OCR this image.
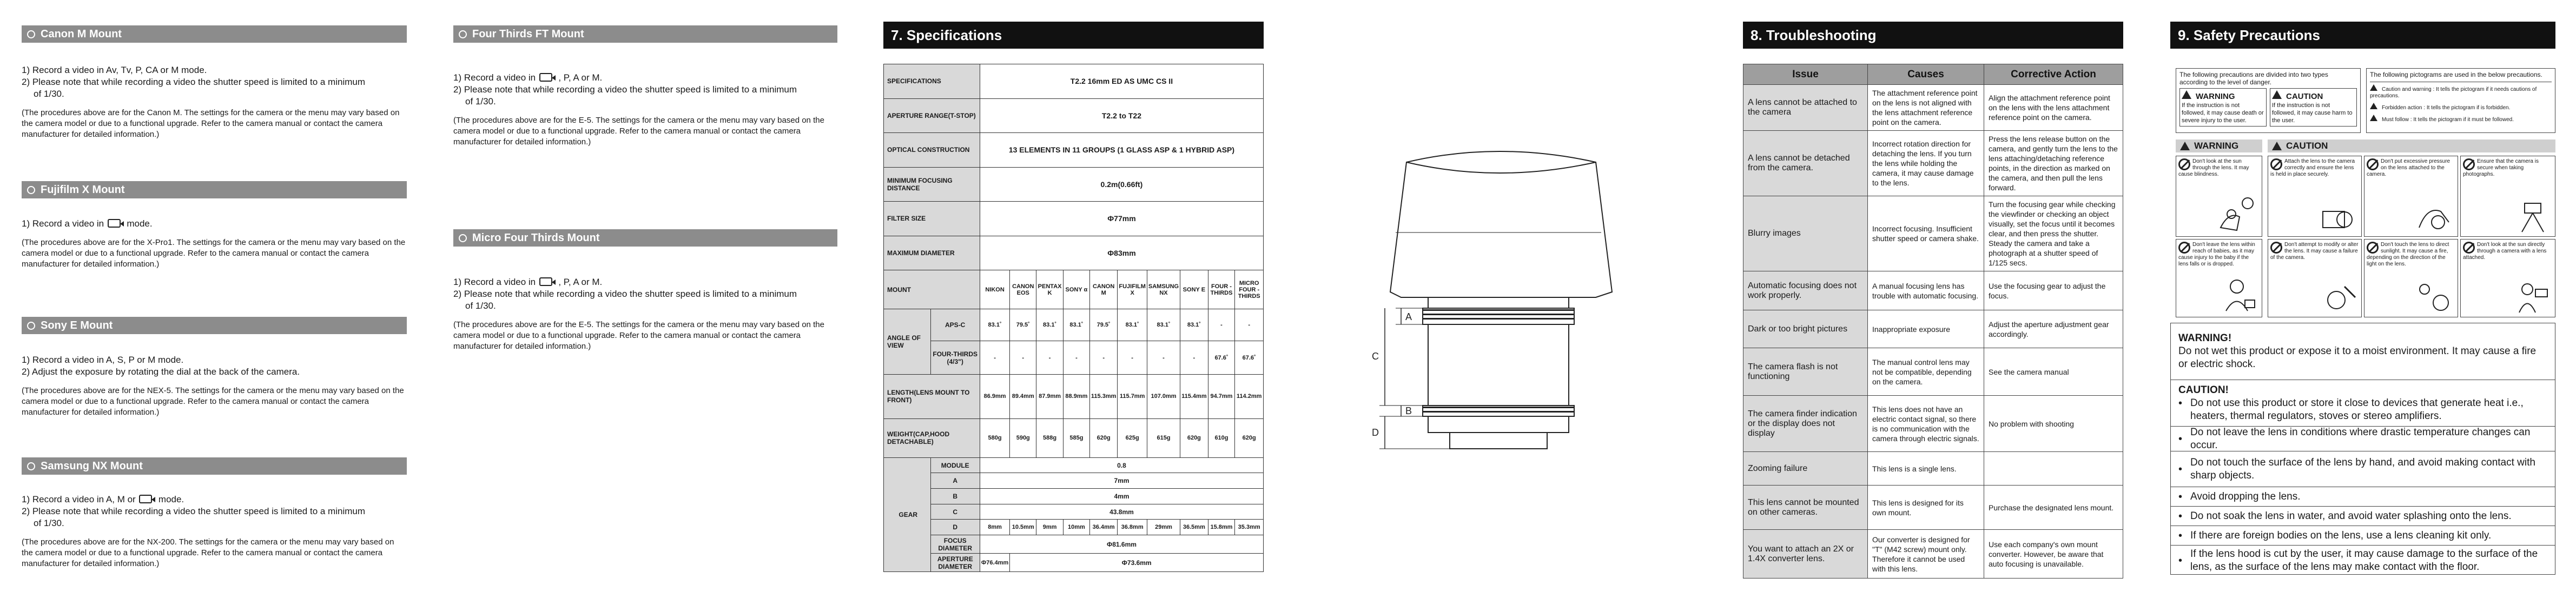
Canon M Mount

1) Record a video in Av, Tv, P, CA or M mode.

2) Please note that while recording a video the shutter speed is limited to a minimum

of 1/30.

(The procedures above are for the Canon M. The settings for the camera or the menu may vary based on the camera model or due to a functional upgrade. Refer to the camera manual or contact the camera manufacturer for detailed information.)

Fujifilm X Mount

1) Record a video in mode.

(The procedures above are for the X-Pro1. The settings for the camera or the menu may vary based on the camera model or due to a functional upgrade. Refer to the camera manual or contact the camera manufacturer for detailed information.)

Sony E Mount

1) Record a video in A, S, P or M mode.

2) Adjust the exposure by rotating the dial at the back of the camera.

(The procedures above are for the NEX-5. The settings for the camera or the menu may vary based on the camera model or due to a functional upgrade. Refer to the camera manual or contact the camera manufacturer for detailed information.)

Samsung NX Mount

1) Record a video in A, M or mode.

2) Please note that while recording a video the shutter speed is limited to a minimum

of 1/30.

(The procedures above are for the NX-200. The settings for the camera or the menu may vary based on the camera model or due to a functional upgrade. Refer to the camera manual or contact the camera manufacturer for detailed information.)

Four Thirds FT Mount

1) Record a video in , P, A or M.

2) Please note that while recording a video the shutter speed is limited to a minimum

of 1/30.

(The procedures above are for the E-5. The settings for the camera or the menu may vary based on the camera model or due to a functional upgrade. Refer to the camera manual or contact the camera manufacturer for detailed information.)

Micro Four Thirds Mount

1) Record a video in , P, A or M.

2) Please note that while recording a video the shutter speed is limited to a minimum

of 1/30.

(The procedures above are for the E-5. The settings for the camera or the menu may vary based on the camera model or due to a functional upgrade. Refer to the camera manual or contact the camera manufacturer for detailed information.)

7. Specifications
SPECIFICATIONS		T2.2 16mm ED AS UMC CS II									
APERTURE RANGE(T-STOP)		T2.2 to T22									
OPTICAL CONSTRUCTION		13 ELEMENTS IN 11 GROUPS (1 GLASS ASP & 1 HYBRID ASP)									
MINIMUM FOCUSING DISTANCE		0.2m(0.66ft)									
FILTER SIZE		Ф77mm									
MAXIMUM DIAMETER		Ф83mm									
MOUNT		NIKON	CANON EOS	PENTAX K	SONY α	CANON M	FUJIFILM X	SAMSUNG NX	SONY E	FOUR -THIRDS	MICRO FOUR -THIRDS
ANGLE OF VIEW	APS-C	83.1˚	79.5˚	83.1˚	83.1˚	79.5˚	83.1˚	83.1˚	83.1˚	-	-
	FOUR-THIRDS (4/3")	-	-	-	-	-	-	-	-	67.6˚	67.6˚
LENGTH(LENS MOUNT TO FRONT)		86.9mm	89.4mm	87.9mm	88.9mm	115.3mm	115.7mm	107.0mm	115.4mm	94.7mm	114.2mm
WEIGHT(CAP,HOOD DETACHABLE)		580g	590g	588g	585g	620g	625g	615g	620g	610g	620g
GEAR	MODULE	0.8									
	A	7mm									
	B	4mm									
	C	43.8mm									
	D	8mm	10.5mm	9mm	10mm	36.4mm	36.8mm	29mm	36.5mm	15.8mm	35.3mm
	FOCUS DIAMETER	Ф81.6mm									
	APERTURE DIAMETER	Ф76.4mm	Ф73.6mm								
A
C
B
D
8. Troubleshooting
Issue	Causes	Corrective Action
A lens cannot be attached to the camera	The attachment reference point on the lens is not aligned with the lens attachment reference point on the camera.	Align the attachment reference point on the lens with the lens attachment reference point on the camera.
A lens cannot be detached from the camera.	Incorrect rotation direction for detaching the lens. If you turn the lens while holding the camera, it may cause damage to the lens.	Press the lens release button on the camera, and gently turn the lens to the lens attaching/detaching reference points, in the direction as marked on the camera, and then pull the lens forward.
Blurry images	Incorrect focusing. Insufficient shutter speed or camera shake.	Turn the focusing gear while checking the viewfinder or checking an object visually, set the focus until it becomes clear, and then press the shutter. Steady the camera and take a photograph at a shutter speed of 1/125 secs.
Automatic focusing does not work properly.	A manual focusing lens has trouble with automatic focusing.	Use the focusing gear to adjust the focus.
Dark or too bright pictures	Inappropriate exposure	Adjust the aperture adjustment gear accordingly.
The camera flash is not functioning	The manual control lens may not be compatible, depending on the camera.	See the camera manual
The camera finder indication or the display does not display	This lens does not have an electric contact signal, so there is no communication with the camera through electric signals.	No problem with shooting
Zooming failure	This lens is a single lens.	
This lens cannot be mounted on other cameras.	This lens is designed for its own mount.	Purchase the designated lens mount.
You want to attach an 2X or 1.4X converter lens.	Our converter is designed for "T" (M42 screw) mount only. Therefore it cannot be used with this lens.	Use each company's own mount converter. However, be aware that auto focusing is unavailable.
9. Safety Precautions
The following precautions are divided into two types according to the level of danger.
WARNING
If the instruction is not followed, it may cause death or severe injury to the user.
CAUTION
If the instruction is not followed, it may cause harm to the user.
The following pictograms are used in the below precautions.
Caution and warning : It tells the pictogram if it needs cautions of precautions.
Forbidden action : It tells the pictogram if is forbidden.
Must follow : It tells the pictogram if it must be followed.
WARNING	CAUTION
Don't look at the sun through the lens. It may cause blindness.
Don't leave the lens within reach of babies, as it may cause injury to the baby if the lens falls or is dropped.
Attach the lens to the camera correctly and ensure the lens is held in place securely.
Don't put excessive pressure on the lens attached to the camera.
Ensure that the camera is secure when taking photographs.
Don't attempt to modify or alter the lens. It may cause a failure of the camera.
Don't touch the lens to direct sunlight. It may cause a fire, depending on the direction of the light on the lens.
Don't look at the sun directly through a camera with a lens attached.
WARNING!
Do not wet this product or expose it to a moist environment. It may cause a fire or electric shock.
CAUTION!
• Do not use this product or store it close to devices that generate heat i.e., heaters, thermal regulators, stoves or stereo amplifiers.
•
Do not leave the lens in conditions where drastic temperature changes can occur.
•
Do not touch the surface of the lens by hand, and avoid making contact with sharp objects.
• Avoid dropping the lens.
• Do not soak the lens in water, and avoid water splashing onto the lens.
• If there are foreign bodies on the lens, use a lens cleaning kit only.
•
If the lens hood is cut by the user, it may cause damage to the surface of the lens, as the surface of the lens may make contact with the floor.
